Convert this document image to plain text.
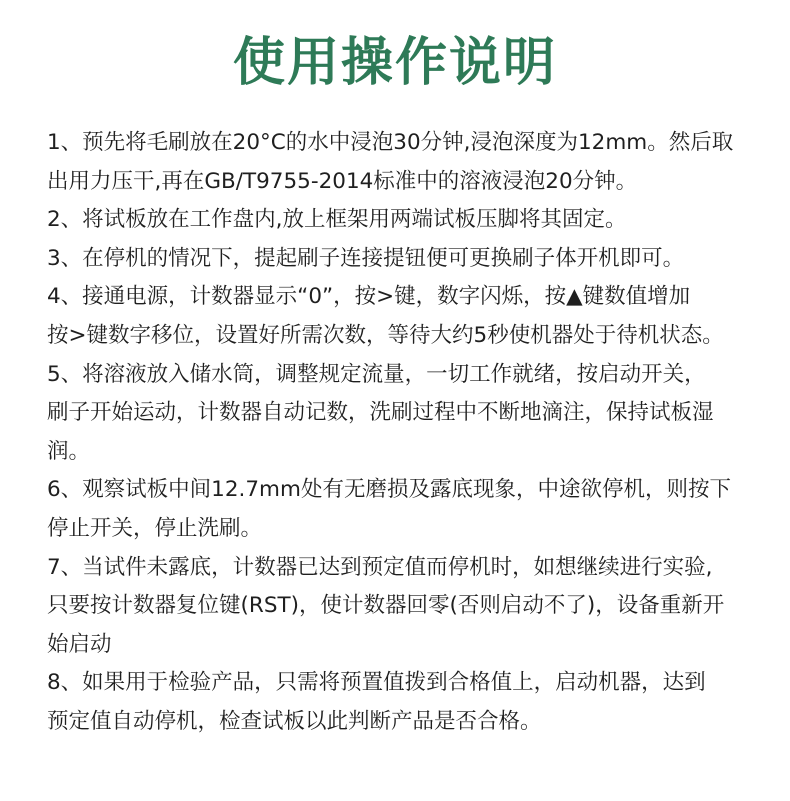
使用操作说明
1、预先将毛刷放在20°C的水中浸泡30分钟,浸泡深度为12mm。然后取
出用力压干,再在GB/T9755-2014标准中的溶液浸泡20分钟。
2、将试板放在工作盘内,放上框架用两端试板压脚将其固定。
3、在停机的情况下，提起刷子连接提钮便可更换刷子体开机即可。
4、接通电源，计数器显示“0”，按>键，数字闪烁，按▲键数值增加
按>键数字移位，设置好所需次数，等待大约5秒使机器处于待机状态。
5、将溶液放入储水筒，调整规定流量，一切工作就绪，按启动开关，
刷子开始运动，计数器自动记数，洗刷过程中不断地滴注，保持试板湿
润。
6、观察试板中间12.7mm处有无磨损及露底现象，中途欲停机，则按下
停止开关，停止洗刷。
7、当试件未露底，计数器已达到预定值而停机时，如想继续进行实验,
只要按计数器复位键(RST)，使计数器回零(否则启动不了)，设备重新开
始启动
8、如果用于检验产品，只需将预置值拨到合格值上，启动机器，达到
预定值自动停机，检查试板以此判断产品是否合格。
